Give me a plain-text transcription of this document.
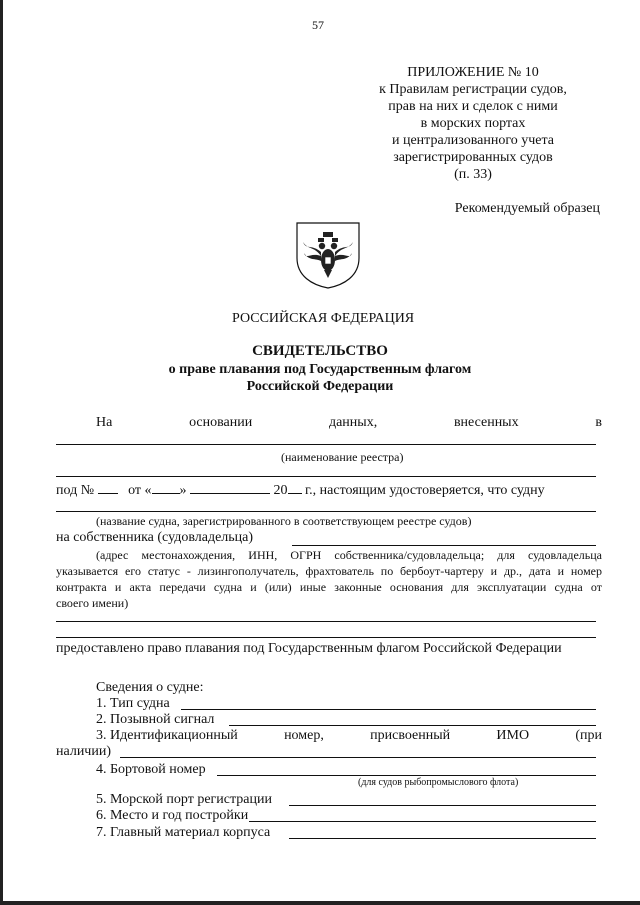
57
ПРИЛОЖЕНИЕ № 10
к Правилам регистрации судов,
прав на них и сделок с ними
в морских портах
и централизованного учета
зарегистрированных судов
(п. 33)
Рекомендуемый образец
РОССИЙСКАЯ ФЕДЕРАЦИЯ
СВИДЕТЕЛЬСТВО
о праве плавания под Государственным флагом
Российской Федерации
На	основании	данных,	внесенных	в
(наименование реестра)
под № от « »	20 г., настоящим удостоверяется, что судну
(название судна, зарегистрированного в соответствующем реестре судов)
на собственника (судовладельца)
(адрес местонахождения, ИНН, ОГРН собственника/судовладельца; для судовладельца
указывается его статус - лизингополучатель, фрахтователь по бербоут-чартеру и др., дата и номер
контракта и акта передачи судна и (или) иные законные основания для эксплуатации судна от
своего имени)
предоставлено право плавания под Государственным флагом Российской Федерации
Сведения о судне:
1. Тип судна
2. Позывной сигнал
3. Идентификационный	номер,	присвоенный	ИМО	(при
наличии)
4. Бортовой номер
(для судов рыбопромыслового флота)
5. Морской порт регистрации
6. Место и год постройки
7. Главный материал корпуса
